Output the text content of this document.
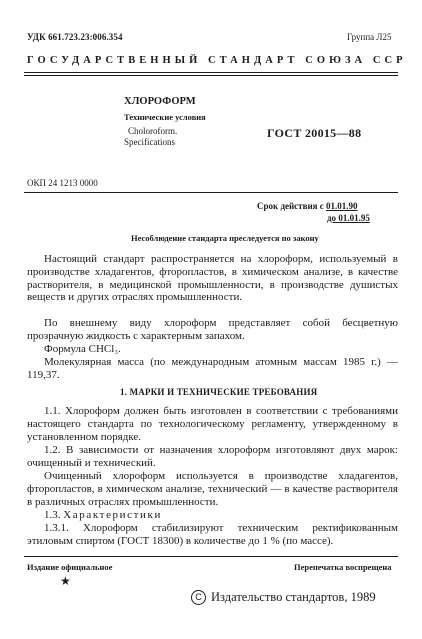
УДК 661.723.23:006.354	Группа Л25
ГОСУДАРСТВЕННЫЙ СТАНДАРТ СОЮЗА ССР
ХЛОРОФОРМ
Технические условия
Choloroform.
Specifications
ГОСТ 20015—88
ОКП 24 1213 0000
Срок действия с 01.01.90
до 01.01.95
Несоблюдение стандарта преследуется по закону
Настоящий стандарт распространяется на хлороформ, используемый в производстве хладагентов, фторопластов, в химическом анализе, в качестве растворителя, в медицинской промышленности, в производстве душистых веществ и других отраслях промышленности.
По внешнему виду хлороформ представляет собой бесцветную прозрачную жидкость с характерным запахом.
Формула CHCl₃.
Молекулярная масса (по международным атомным массам 1985 г.) — 119,37.
1. МАРКИ И ТЕХНИЧЕСКИЕ ТРЕБОВАНИЯ
1.1. Хлороформ должен быть изготовлен в соответствии с требованиями настоящего стандарта по технологическому регламенту, утвержденному в установленном порядке.
1.2. В зависимости от назначения хлороформ изготовляют двух марок: очищенный и технический.
Очищенный хлороформ используется в производстве хладагентов, фторопластов, в химическом анализе, технический — в качестве растворителя в различных отраслях промышленности.
1.3. Характеристики
1.3.1. Хлороформ стабилизируют техническим ректификованным этиловым спиртом (ГОСТ 18300) в количестве до 1 % (по массе).
Издание официальное
★
Перепечатка воспрещена
C Издательство стандартов, 1989
